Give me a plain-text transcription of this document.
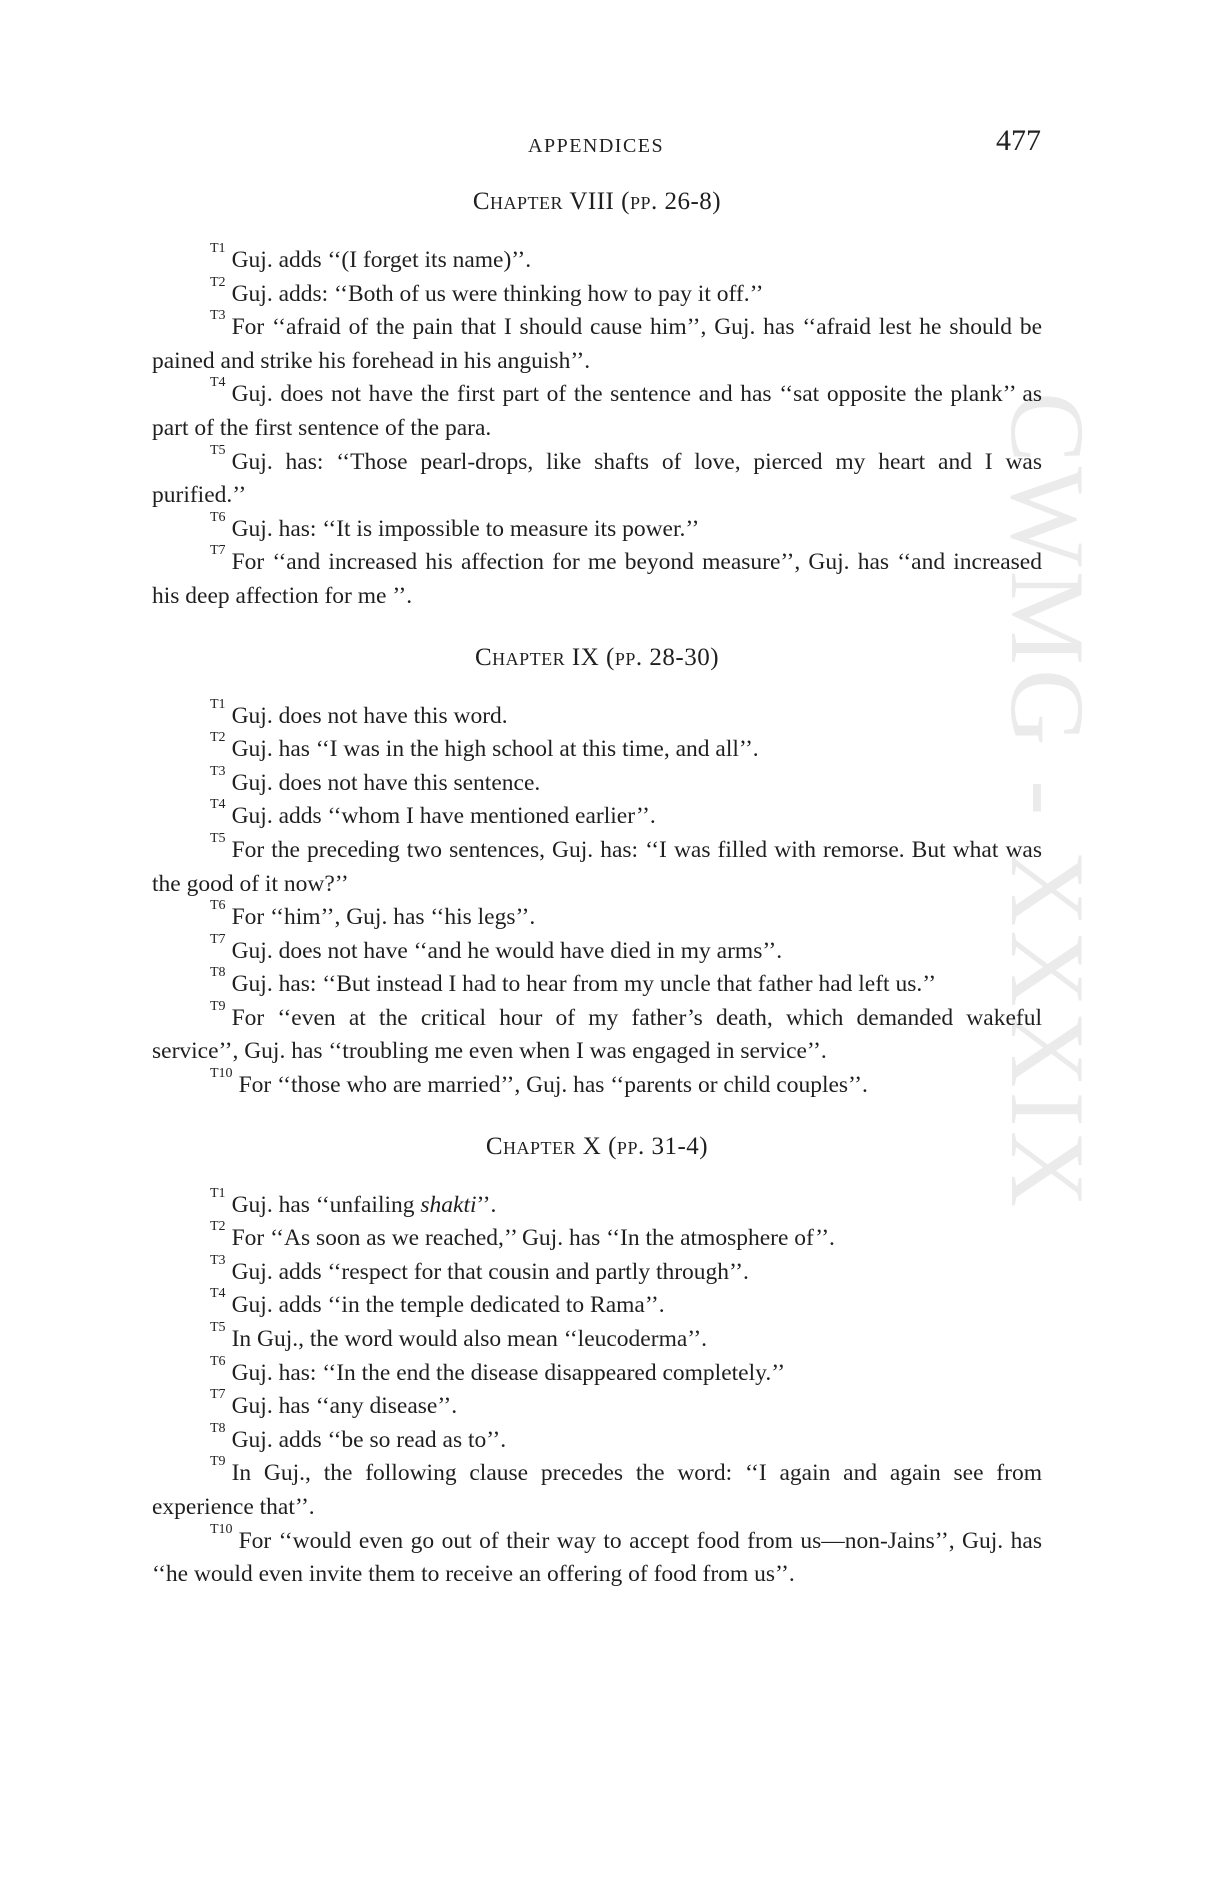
CWMG - XXXIX
APPENDICES	477
Chapter VIII (pp. 26-8)

$^{T1}$ Guj. adds ‘‘(I forget its name)’’.

$^{T2}$ Guj. adds: ‘‘Both of us were thinking how to pay it off.’’

$^{T3}$ For ‘‘afraid of the pain that I should cause him’’, Guj. has ‘‘afraid lest he should be pained and strike his forehead in his anguish’’.

$^{T4}$ Guj. does not have the first part of the sentence and has ‘‘sat opposite the plank’’ as part of the first sentence of the para.

$^{T5}$ Guj. has: ‘‘Those pearl-drops, like shafts of love, pierced my heart and I was purified.’’

$^{T6}$ Guj. has: ‘‘It is impossible to measure its power.’’

$^{T7}$ For ‘‘and increased his affection for me beyond measure’’, Guj. has ‘‘and increased his deep affection for me ’’.

Chapter IX (pp. 28-30)

$^{T1}$ Guj. does not have this word.

$^{T2}$ Guj. has ‘‘I was in the high school at this time, and all’’.

$^{T3}$ Guj. does not have this sentence.

$^{T4}$ Guj. adds ‘‘whom I have mentioned earlier’’.

$^{T5}$ For the preceding two sentences, Guj. has: ‘‘I was filled with remorse. But what was the good of it now?’’

$^{T6}$ For ‘‘him’’, Guj. has ‘‘his legs’’.

$^{T7}$ Guj. does not have ‘‘and he would have died in my arms’’.

$^{T8}$ Guj. has: ‘‘But instead I had to hear from my uncle that father had left us.’’

$^{T9}$ For ‘‘even at the critical hour of my father’s death, which demanded wakeful service’’, Guj. has ‘‘troubling me even when I was engaged in service’’.

$^{T10}$ For ‘‘those who are married’’, Guj. has ‘‘parents or child couples’’.

Chapter X (pp. 31-4)

$^{T1}$ Guj. has ‘‘unfailing shakti’’.

$^{T2}$ For ‘‘As soon as we reached,’’ Guj. has ‘‘In the atmosphere of’’.

$^{T3}$ Guj. adds ‘‘respect for that cousin and partly through’’.

$^{T4}$ Guj. adds ‘‘in the temple dedicated to Rama’’.

$^{T5}$ In Guj., the word would also mean ‘‘leucoderma’’.

$^{T6}$ Guj. has: ‘‘In the end the disease disappeared completely.’’

$^{T7}$ Guj. has ‘‘any disease’’.

$^{T8}$ Guj. adds ‘‘be so read as to’’.

$^{T9}$ In Guj., the following clause precedes the word: ‘‘I again and again see from experience that’’.

$^{T10}$ For ‘‘would even go out of their way to accept food from us—non-Jains’’, Guj. has ‘‘he would even invite them to receive an offering of food from us’’.
